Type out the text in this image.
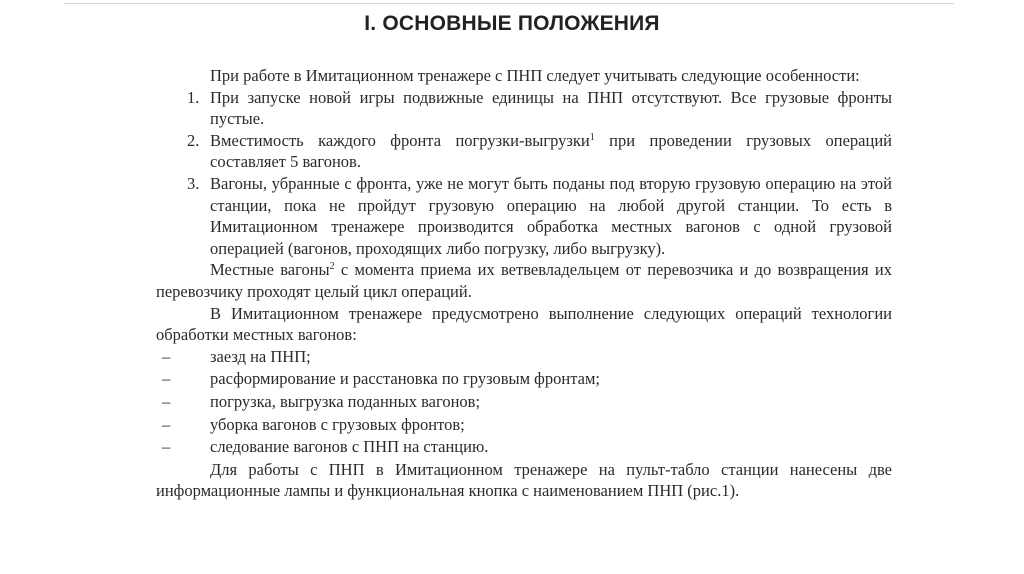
I. ОСНОВНЫЕ ПОЛОЖЕНИЯ

При работе в Имитационном тренажере с ПНП следует учитывать следующие особенности:

1. При запуске новой игры подвижные единицы на ПНП отсутствуют. Все грузовые фронты пустые.
2. Вместимость каждого фронта погрузки-выгрузки$^1$ при проведении грузовых операций составляет 5 вагонов.
3. Вагоны, убранные с фронта, уже не могут быть поданы под вторую грузовую операцию на этой станции, пока не пройдут грузовую операцию на любой другой станции. То есть в Имитационном тренажере производится обработка местных вагонов с одной грузовой операцией (вагонов, проходящих либо погрузку, либо выгрузку).

Местные вагоны$^2$ с момента приема их ветвевладельцем от перевозчика и до возвращения их перевозчику проходят целый цикл операций.

В Имитационном тренажере предусмотрено выполнение следующих операций технологии обработки местных вагонов:

– заезд на ПНП;
– расформирование и расстановка по грузовым фронтам;
– погрузка, выгрузка поданных вагонов;
– уборка вагонов с грузовых фронтов;
– следование вагонов с ПНП на станцию.

Для работы с ПНП в Имитационном тренажере на пульт-табло станции нанесены две информационные лампы и функциональная кнопка с наименованием ПНП (рис.1).
